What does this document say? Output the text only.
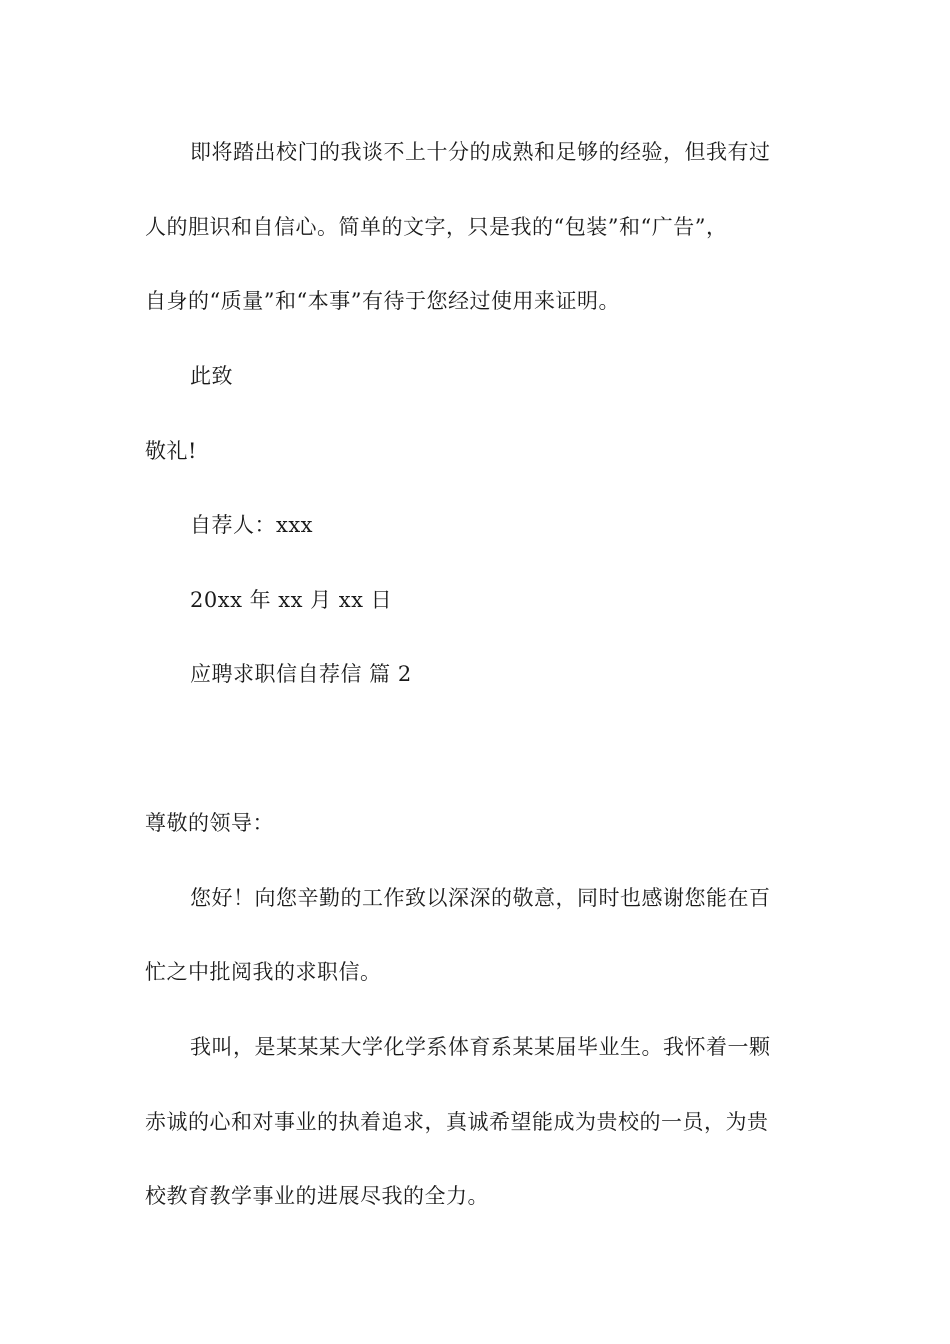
即将踏出校门的我谈不上十分的成熟和足够的经验，但我有过
人的胆识和自信心。简单的文字，只是我的“包装”和“广告”，
自身的“质量”和“本事”有待于您经过使用来证明。
此致
敬礼!
自荐人：xxx
20xx 年 xx 月 xx 日
应聘求职信自荐信 篇 2
尊敬的领导：
您好！向您辛勤的工作致以深深的敬意，同时也感谢您能在百
忙之中批阅我的求职信。
我叫，是某某某大学化学系体育系某某届毕业生。我怀着一颗
赤诚的心和对事业的执着追求，真诚希望能成为贵校的一员，为贵
校教育教学事业的进展尽我的全力。
